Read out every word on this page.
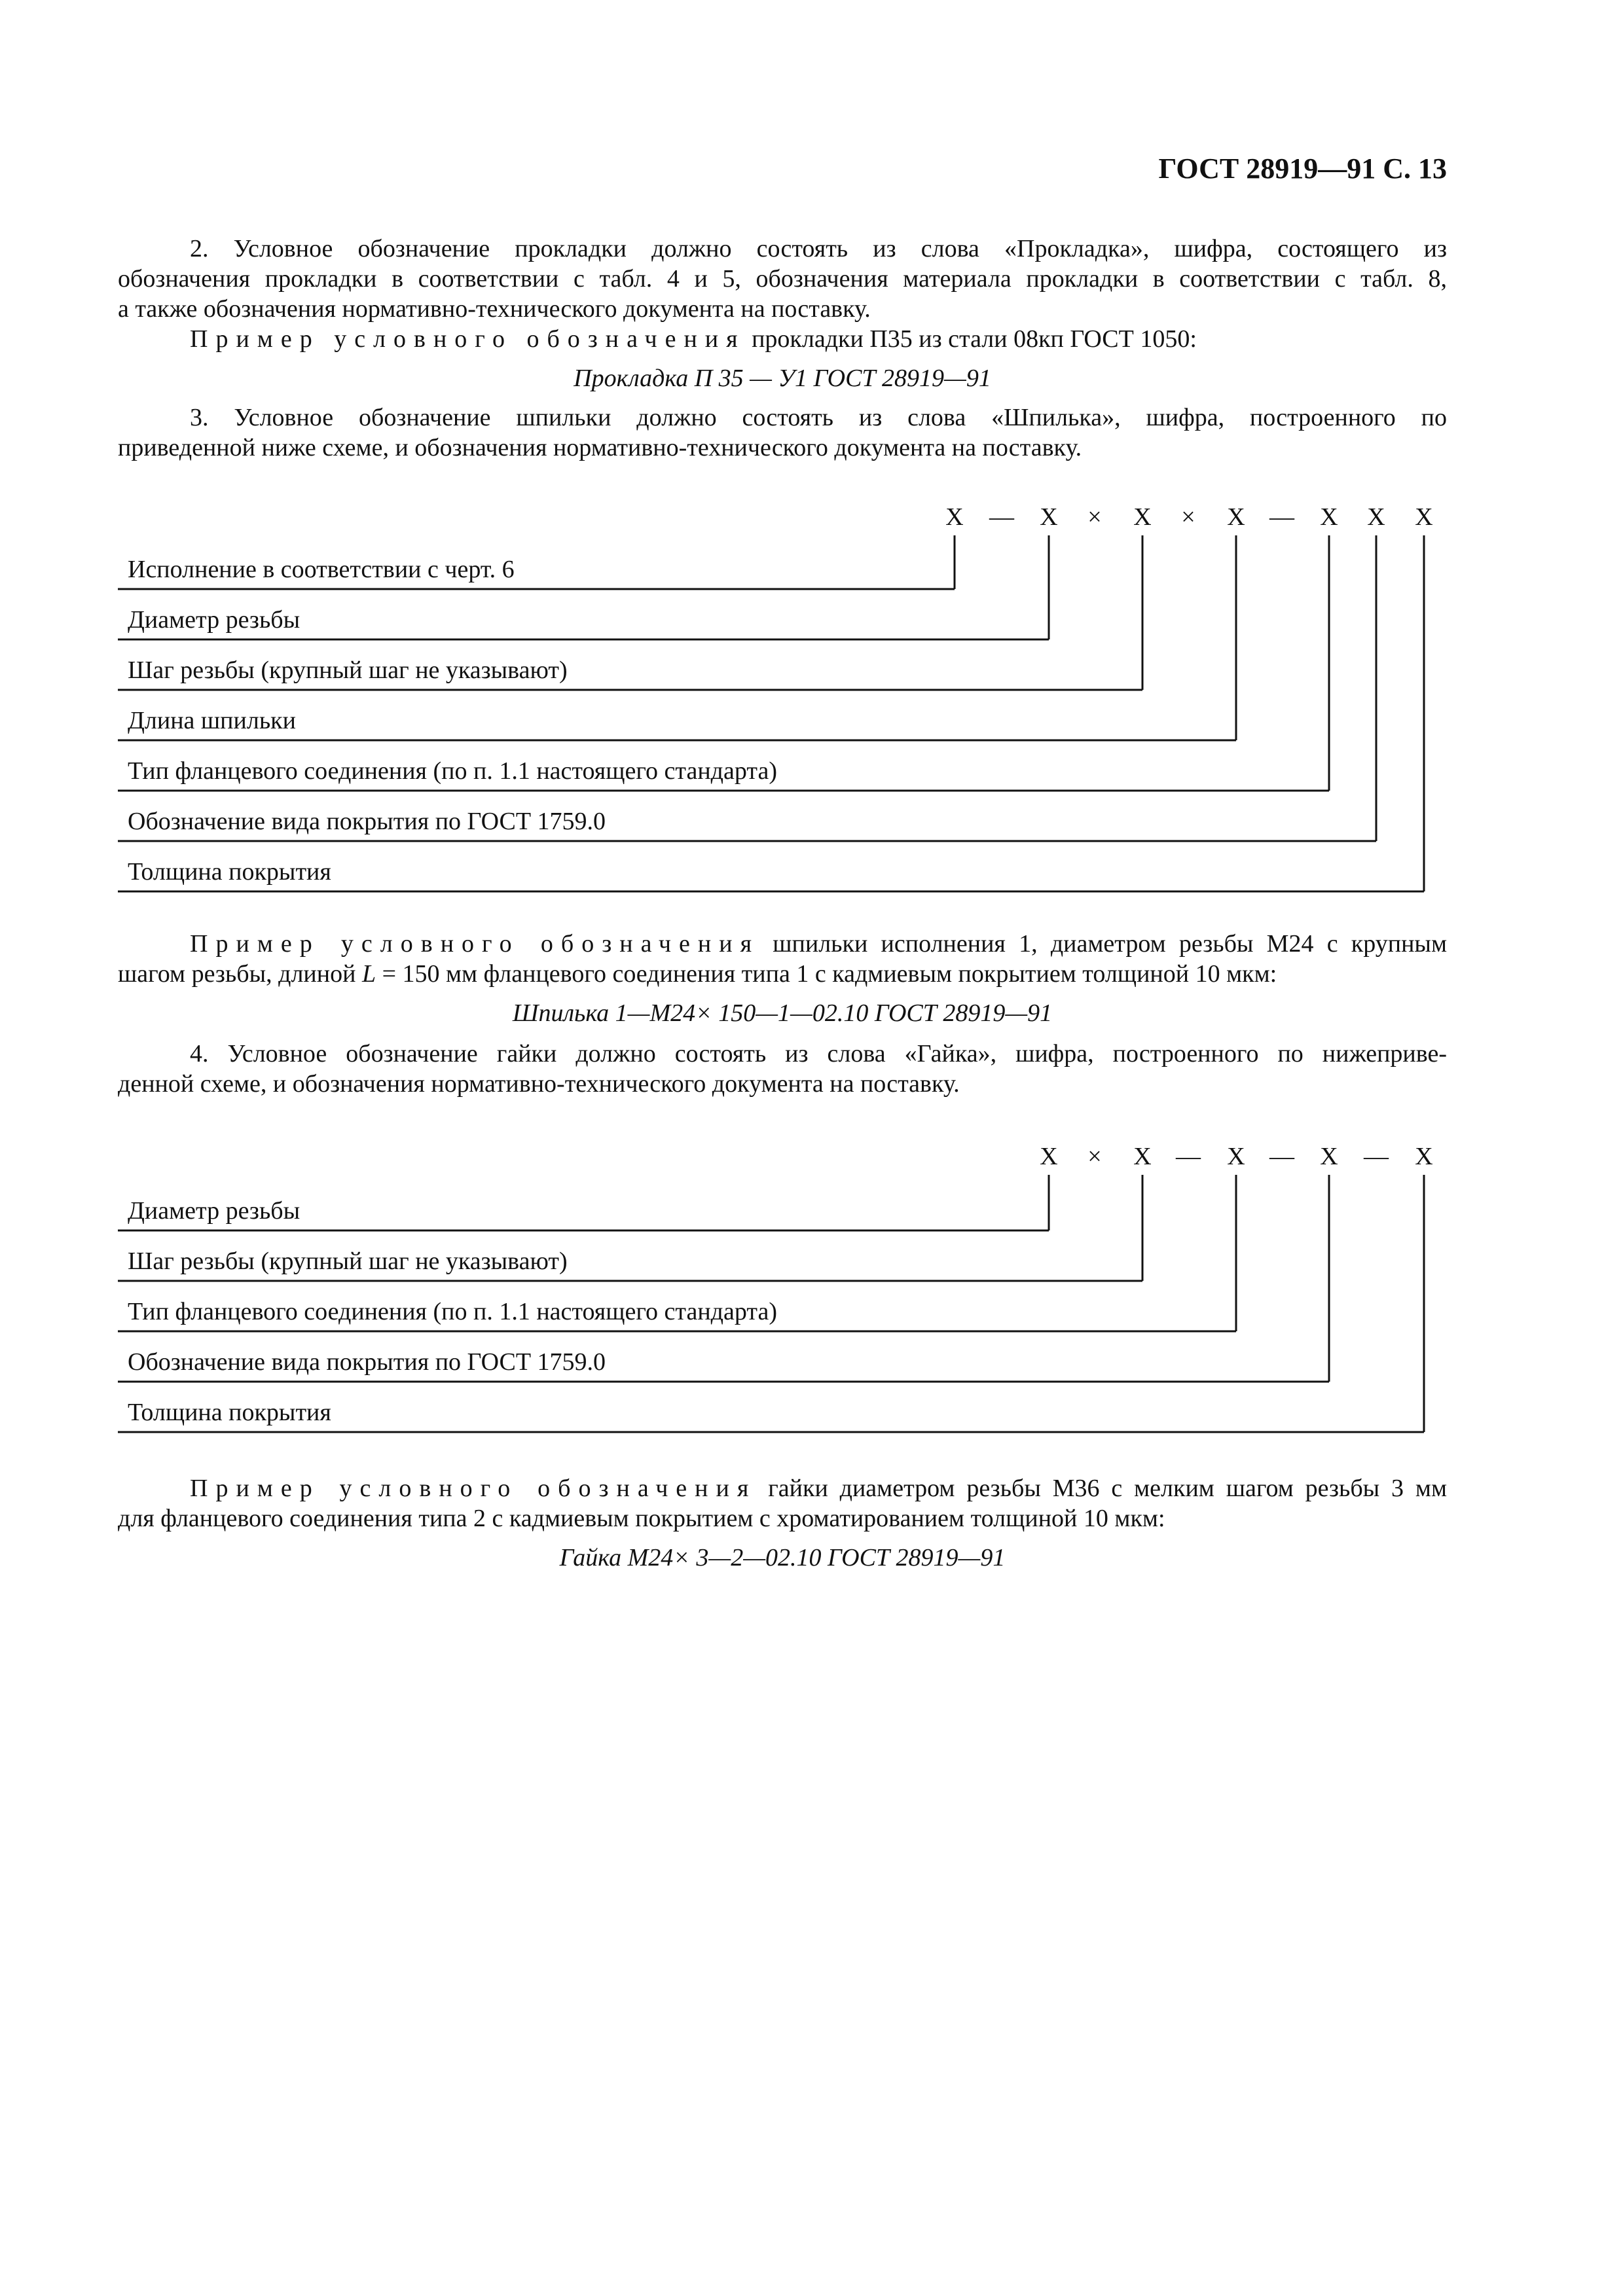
ГОСТ 28919—91 С. 13
2. Условное обозначение прокладки должно состоять из слова «Прокладка», шифра, состоящего из
обозначения прокладки в соответствии с табл. 4 и 5, обозначения материала прокладки в соответствии с табл. 8,
а также обозначения нормативно-технического документа на поставку.
Пример условного обозначения прокладки П35 из стали 08кп ГОСТ 1050:
Прокладка П 35 — У1 ГОСТ 28919—91
3. Условное обозначение шпильки должно состоять из слова «Шпилька», шифра, построенного по
приведенной ниже схеме, и обозначения нормативно-технического документа на поставку.
X — X × X × X — X X X
Исполнение в соответствии с черт. 6
Диаметр резьбы
Шаг резьбы (крупный шаг не указывают)
Длина шпильки
Тип фланцевого соединения (по п. 1.1 настоящего стандарта)
Обозначение вида покрытия по ГОСТ 1759.0
Толщина покрытия
Пример условного обозначения шпильки исполнения 1, диаметром резьбы М24 с крупным
шагом резьбы, длиной L = 150 мм фланцевого соединения типа 1 с кадмиевым покрытием толщиной 10 мкм:
Шпилька 1—M24× 150—1—02.10 ГОСТ 28919—91
4. Условное обозначение гайки должно состоять из слова «Гайка», шифра, построенного по нижеприве-
денной схеме, и обозначения нормативно-технического документа на поставку.
X × X — X — X — X
Диаметр резьбы
Шаг резьбы (крупный шаг не указывают)
Тип фланцевого соединения (по п. 1.1 настоящего стандарта)
Обозначение вида покрытия по ГОСТ 1759.0
Толщина покрытия
Пример условного обозначения гайки диаметром резьбы М36 с мелким шагом резьбы 3 мм
для фланцевого соединения типа 2 с кадмиевым покрытием с хроматированием толщиной 10 мкм:
Гайка М24× 3—2—02.10 ГОСТ 28919—91
